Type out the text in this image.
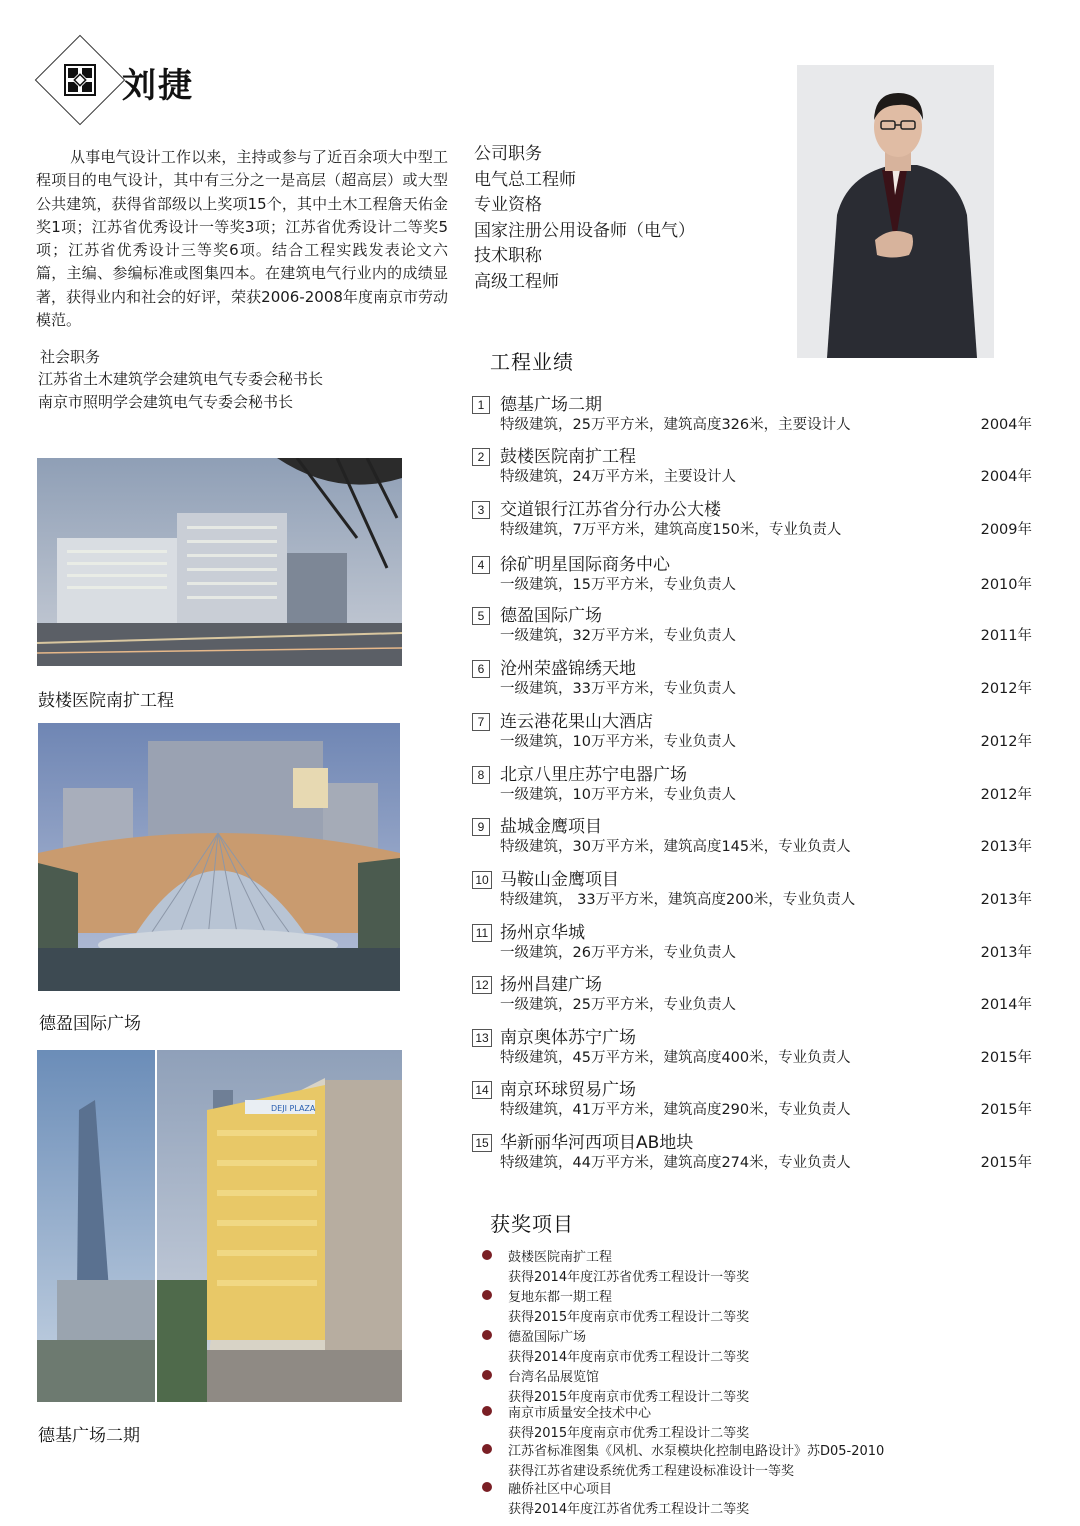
刘捷
从事电气设计工作以来，主持或参与了近百余项大中型工程项目的电气设计，其中有三分之一是高层（超高层）或大型公共建筑，获得省部级以上奖项15个，其中土木工程詹天佑金奖1项；江苏省优秀设计一等奖3项；江苏省优秀设计二等奖5项；江苏省优秀设计三等奖6项。结合工程实践发表论文六篇，主编、参编标准或图集四本。在建筑电气行业内的成绩显著，获得业内和社会的好评，荣获2006-2008年度南京市劳动模范。
社会职务
江苏省土木建筑学会建筑电气专委会秘书长
南京市照明学会建筑电气专委会秘书长
公司职务
电气总工程师
专业资格
国家注册公用设备师（电气）
技术职称
高级工程师
鼓楼医院南扩工程
德盈国际广场
DEJI PLAZA
德基广场二期
工程业绩
1 德基广场二期
特级建筑，25万平方米，建筑高度326米，主要设计人	2004年
2 鼓楼医院南扩工程
特级建筑，24万平方米，主要设计人	2004年
3 交道银行江苏省分行办公大楼
特级建筑，7万平方米，建筑高度150米，专业负责人	2009年
4 徐矿明星国际商务中心
一级建筑，15万平方米，专业负责人	2010年
5 德盈国际广场
一级建筑，32万平方米，专业负责人	2011年
6 沧州荣盛锦绣天地
一级建筑，33万平方米，专业负责人	2012年
7 连云港花果山大酒店
一级建筑，10万平方米，专业负责人	2012年
8 北京八里庄苏宁电器广场
一级建筑，10万平方米，专业负责人	2012年
9 盐城金鹰项目
特级建筑，30万平方米，建筑高度145米，专业负责人	2013年
10 马鞍山金鹰项目
特级建筑， 33万平方米，建筑高度200米，专业负责人	2013年
11 扬州京华城
一级建筑，26万平方米，专业负责人	2013年
12 扬州昌建广场
一级建筑，25万平方米，专业负责人	2014年
13 南京奥体苏宁广场
特级建筑，45万平方米，建筑高度400米，专业负责人	2015年
14 南京环球贸易广场
特级建筑，41万平方米，建筑高度290米，专业负责人	2015年
15 华新丽华河西项目AB地块
特级建筑，44万平方米，建筑高度274米，专业负责人	2015年
获奖项目
鼓楼医院南扩工程
获得2014年度江苏省优秀工程设计一等奖
复地东都一期工程
获得2015年度南京市优秀工程设计二等奖
德盈国际广场
获得2014年度南京市优秀工程设计二等奖
台湾名品展览馆
获得2015年度南京市优秀工程设计二等奖
南京市质量安全技术中心
获得2015年度南京市优秀工程设计二等奖
江苏省标准图集《风机、水泵模块化控制电路设计》苏D05-2010
获得江苏省建设系统优秀工程建设标准设计一等奖
融侨社区中心项目
获得2014年度江苏省优秀工程设计二等奖
